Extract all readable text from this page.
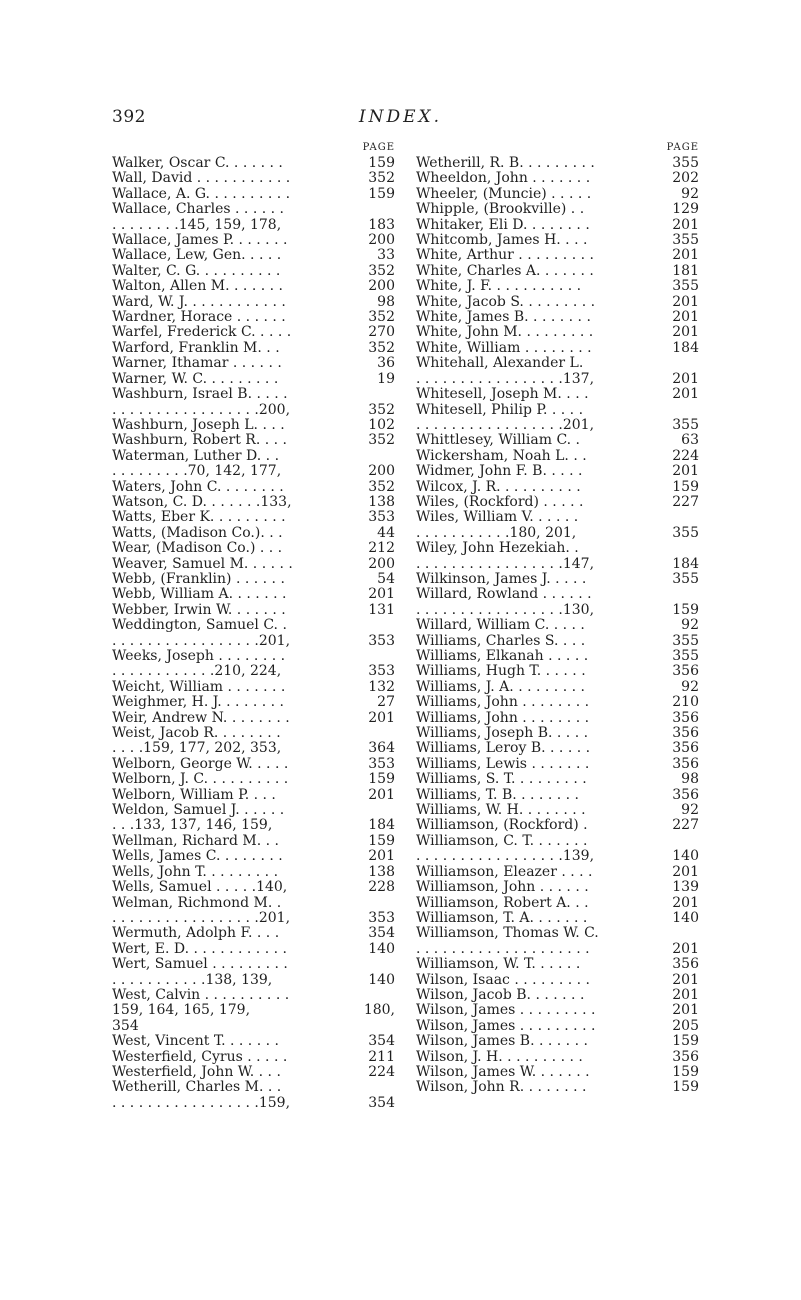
392	INDEX.
PAGE
159
Walker, Oscar C. . . . . . .
352
Wall, David . . . . . . . . . . .
159
Wallace, A. G. . . . . . . . . .
Wallace, Charles . . . . . .
183
. . . . . . . .145, 159, 178,
200
Wallace, James P. . . . . . .
33
Wallace, Lew, Gen. . . . .
352
Walter, C. G. . . . . . . . . .
200
Walton, Allen M. . . . . . .
98
Ward, W. J. . . . . . . . . . . .
352
Wardner, Horace . . . . . .
270
Warfel, Frederick C. . . . .
352
Warford, Franklin M. . .
36
Warner, Ithamar . . . . . .
19
Warner, W. C. . . . . . . . .
Washburn, Israel B. . . . .
352
. . . . . . . . . . . . . . . . .200,
102
Washburn, Joseph L. . . .
352
Washburn, Robert R. . . .
Waterman, Luther D. . .
200
. . . . . . . . .70, 142, 177,
352
Waters, John C. . . . . . . .
138
Watson, C. D. . . . . . .133,
353
Watts, Eber K. . . . . . . . .
44
Watts, (Madison Co.). . .
212
Wear, (Madison Co.) . . .
200
Weaver, Samuel M. . . . . .
54
Webb, (Franklin) . . . . . .
201
Webb, William A. . . . . . .
131
Webber, Irwin W. . . . . . .
Weddington, Samuel C. .
353
. . . . . . . . . . . . . . . . .201,
Weeks, Joseph . . . . . . . .
353
. . . . . . . . . . . .210, 224,
132
Weicht, William . . . . . . .
27
Weighmer, H. J. . . . . . . .
201
Weir, Andrew N. . . . . . . .
Weist, Jacob R. . . . . . . .
364
. . . .159, 177, 202, 353,
353
Welborn, George W. . . . .
159
Welborn, J. C. . . . . . . . . .
201
Welborn, William P. . . .
Weldon, Samuel J. . . . . .
184
. . .133, 137, 146, 159,
159
Wellman, Richard M. . .
201
Wells, James C. . . . . . . .
138
Wells, John T. . . . . . . . .
228
Wells, Samuel . . . . .140,
Welman, Richmond M. .
353
. . . . . . . . . . . . . . . . .201,
354
Wermuth, Adolph F. . . .
140
Wert, E. D. . . . . . . . . . . .
Wert, Samuel . . . . . . . . .
140
. . . . . . . . . . .138, 139,
West, Calvin . . . . . . . . . .
180,
159, 164, 165, 179,
354
354
West, Vincent T. . . . . . .
211
Westerfield, Cyrus . . . . .
224
Westerfield, John W. . . .
Wetherill, Charles M. . .
354
. . . . . . . . . . . . . . . . .159,
PAGE
355
Wetherill, R. B. . . . . . . . .
202
Wheeldon, John . . . . . . .
92
Wheeler, (Muncie) . . . . .
129
Whipple, (Brookville) . .
201
Whitaker, Eli D. . . . . . . .
355
Whitcomb, James H. . . .
201
White, Arthur . . . . . . . . .
181
White, Charles A. . . . . . .
355
White, J. F. . . . . . . . . . .
201
White, Jacob S. . . . . . . . .
201
White, James B. . . . . . . .
201
White, John M. . . . . . . . .
184
White, William . . . . . . . .
Whitehall, Alexander L.
201
. . . . . . . . . . . . . . . . .137,
201
Whitesell, Joseph M. . . .
Whitesell, Philip P. . . . .
355
. . . . . . . . . . . . . . . . .201,
63
Whittlesey, William C. .
224
Wickersham, Noah L. . .
201
Widmer, John F. B. . . . .
159
Wilcox, J. R. . . . . . . . . .
227
Wiles, (Rockford) . . . . .
Wiles, William V. . . . . .
355
. . . . . . . . . . .180, 201,
Wiley, John Hezekiah. .
184
. . . . . . . . . . . . . . . . .147,
355
Wilkinson, James J. . . . .
Willard, Rowland . . . . . .
159
. . . . . . . . . . . . . . . . .130,
92
Willard, William C. . . . .
355
Williams, Charles S. . . .
355
Williams, Elkanah . . . . .
356
Williams, Hugh T. . . . . .
92
Williams, J. A. . . . . . . . .
210
Williams, John . . . . . . . .
356
Williams, John . . . . . . . .
356
Williams, Joseph B. . . . .
356
Williams, Leroy B. . . . . .
356
Williams, Lewis . . . . . . .
98
Williams, S. T. . . . . . . . .
356
Williams, T. B. . . . . . . .
92
Williams, W. H. . . . . . . .
227
Williamson, (Rockford) .
Williamson, C. T. . . . . . .
140
. . . . . . . . . . . . . . . . .139,
201
Williamson, Eleazer . . . .
139
Williamson, John . . . . . .
201
Williamson, Robert A. . .
140
Williamson, T. A. . . . . . .
Williamson, Thomas W. C.
201
. . . . . . . . . . . . . . . . . . . .
356
Williamson, W. T. . . . . .
201
Wilson, Isaac . . . . . . . . .
201
Wilson, Jacob B. . . . . . .
201
Wilson, James . . . . . . . . .
205
Wilson, James . . . . . . . . .
159
Wilson, James B. . . . . . .
356
Wilson, J. H. . . . . . . . . .
159
Wilson, James W. . . . . . .
159
Wilson, John R. . . . . . . .
